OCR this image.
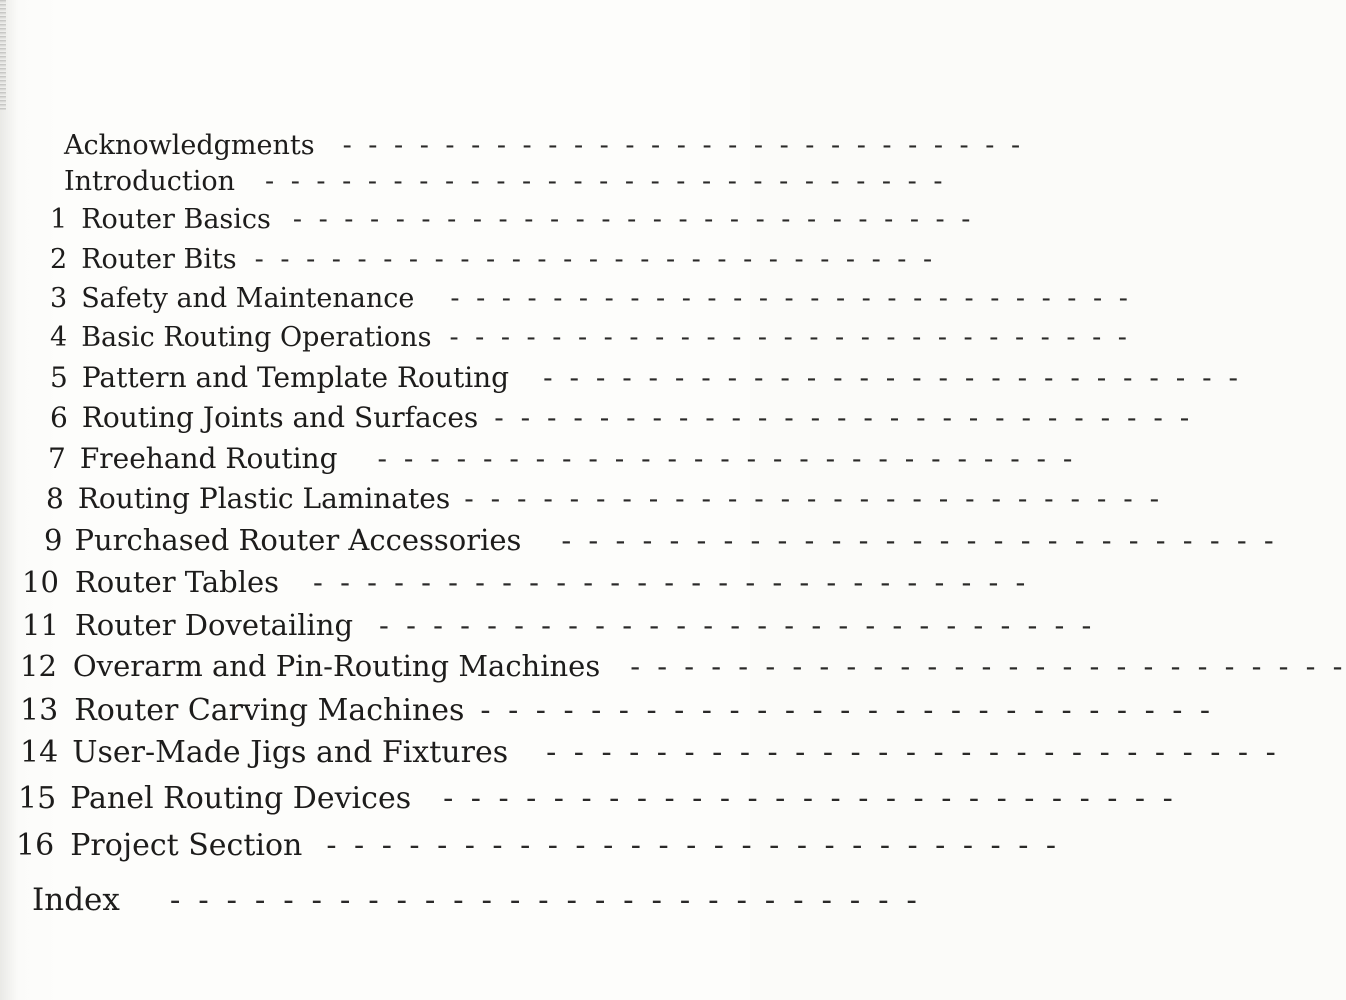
Acknowledgments - - - - - - - - - - - - - - - - - - - - - - - - - - -
Introduction - - - - - - - - - - - - - - - - - - - - - - - - - - -
1 Router Basics - - - - - - - - - - - - - - - - - - - - - - - - - - -
2 Router Bits - - - - - - - - - - - - - - - - - - - - - - - - - - -
3 Safety and Maintenance - - - - - - - - - - - - - - - - - - - - - - - - - - -
4 Basic Routing Operations - - - - - - - - - - - - - - - - - - - - - - - - - - -
5 Pattern and Template Routing - - - - - - - - - - - - - - - - - - - - - - - - - - -
6 Routing Joints and Surfaces - - - - - - - - - - - - - - - - - - - - - - - - - - -
7 Freehand Routing - - - - - - - - - - - - - - - - - - - - - - - - - - -
8 Routing Plastic Laminates - - - - - - - - - - - - - - - - - - - - - - - - - - -
9 Purchased Router Accessories - - - - - - - - - - - - - - - - - - - - - - - - - - -
10 Router Tables - - - - - - - - - - - - - - - - - - - - - - - - - - -
11 Router Dovetailing - - - - - - - - - - - - - - - - - - - - - - - - - - -
12 Overarm and Pin-Routing Machines - - - - - - - - - - - - - - - - - - - - - - - - - - -
13 Router Carving Machines - - - - - - - - - - - - - - - - - - - - - - - - - - -
14 User-Made Jigs and Fixtures - - - - - - - - - - - - - - - - - - - - - - - - - - -
15 Panel Routing Devices - - - - - - - - - - - - - - - - - - - - - - - - - - -
16 Project Section - - - - - - - - - - - - - - - - - - - - - - - - - - -
Index - - - - - - - - - - - - - - - - - - - - - - - - - - -
